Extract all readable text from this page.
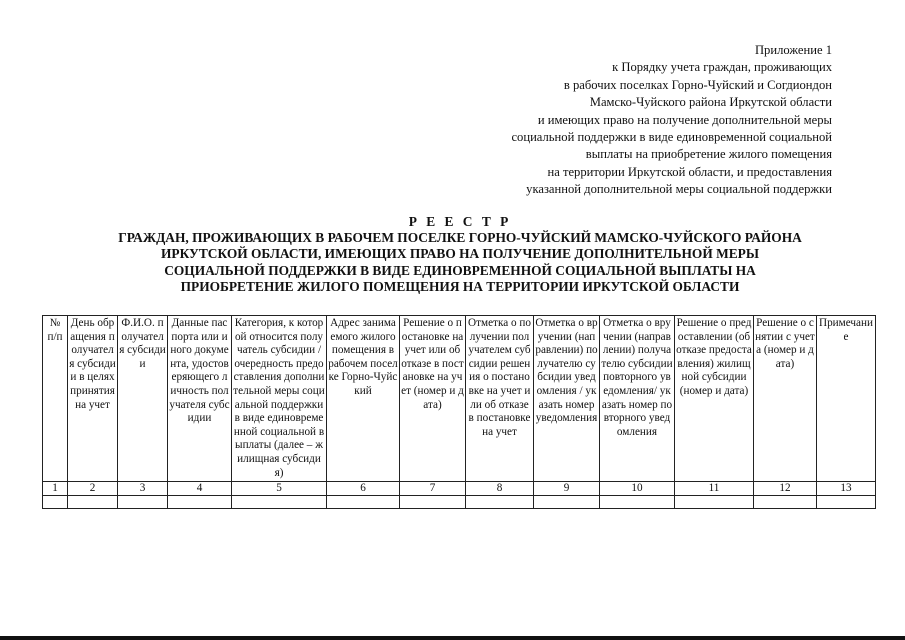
Приложение 1
к Порядку учета граждан, проживающих
в рабочих поселках Горно-Чуйский и Согдиондон
Мамско-Чуйского района Иркутской области
и имеющих право на получение дополнительной меры
социальной поддержки в виде единовременной социальной
выплаты на приобретение жилого помещения
на территории Иркутской области, и предоставления
указанной дополнительной меры социальной поддержки
Р Е Е С Т Р
ГРАЖДАН, ПРОЖИВАЮЩИХ В РАБОЧЕМ ПОСЕЛКЕ ГОРНО-ЧУЙСКИЙ МАМСКО-ЧУЙСКОГО РАЙОНА
ИРКУТСКОЙ ОБЛАСТИ, ИМЕЮЩИХ ПРАВО НА ПОЛУЧЕНИЕ ДОПОЛНИТЕЛЬНОЙ МЕРЫ
СОЦИАЛЬНОЙ ПОДДЕРЖКИ В ВИДЕ ЕДИНОВРЕМЕННОЙ СОЦИАЛЬНОЙ ВЫПЛАТЫ НА
ПРИОБРЕТЕНИЕ ЖИЛОГО ПОМЕЩЕНИЯ НА ТЕРРИТОРИИ ИРКУТСКОЙ ОБЛАСТИ
№ п/п	День обращения получателя субсидии в целях принятия на учет	Ф.И.О. получателя субсидии	Данные паспорта или иного документа, удостоверяющего личность получателя субсидии	Категория, к которой относится получатель субсидии / очередность предоставления дополнительной меры социальной поддержки в виде единовременной социальной выплаты (далее – жилищная субсидия)	Адрес занимаемого жилого помещения в рабочем поселке Горно-Чуйский	Решение о постановке на учет или об отказе в постановке на учет (номер и дата)	Отметка о получении получателем субсидии решения о постановке на учет или об отказе в постановке на учет	Отметка о вручении (направлении) получателю субсидии уведомления / указать номер уведомления	Отметка о вручении (направлении) получателю субсидии повторного уведомления/ указать номер повторного уведомления	Решение о предоставлении (об отказе предоставления) жилищной субсидии (номер и дата)	Решение о снятии с учета (номер и дата)	Примечание
1	2	3	4	5	6	7	8	9	10	11	12	13
